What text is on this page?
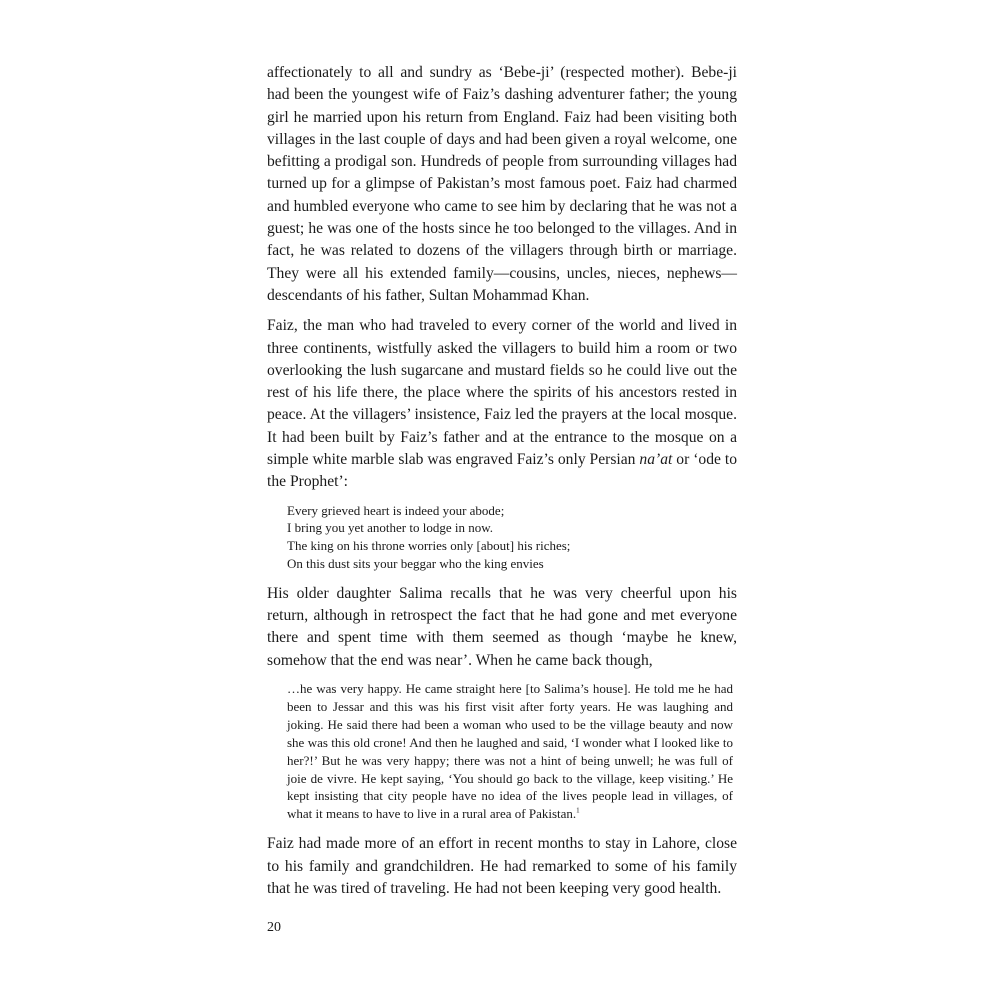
affectionately to all and sundry as ‘Bebe-ji’ (respected mother). Bebe-ji had been the youngest wife of Faiz’s dashing adventurer father; the young girl he married upon his return from England. Faiz had been visiting both villages in the last couple of days and had been given a royal welcome, one befitting a prodigal son. Hundreds of people from surrounding villages had turned up for a glimpse of Pakistan’s most famous poet. Faiz had charmed and humbled everyone who came to see him by declaring that he was not a guest; he was one of the hosts since he too belonged to the villages. And in fact, he was related to dozens of the villagers through birth or marriage. They were all his extended family—cousins, uncles, nieces, nephews— descendants of his father, Sultan Mohammad Khan.

Faiz, the man who had traveled to every corner of the world and lived in three continents, wistfully asked the villagers to build him a room or two overlooking the lush sugarcane and mustard fields so he could live out the rest of his life there, the place where the spirits of his ancestors rested in peace. At the villagers’ insistence, Faiz led the prayers at the local mosque. It had been built by Faiz’s father and at the entrance to the mosque on a simple white marble slab was engraved Faiz’s only Persian na’at or ‘ode to the Prophet’:

Every grieved heart is indeed your abode;
I bring you yet another to lodge in now.
The king on his throne worries only [about] his riches;
On this dust sits your beggar who the king envies

His older daughter Salima recalls that he was very cheerful upon his return, although in retrospect the fact that he had gone and met everyone there and spent time with them seemed as though ‘maybe he knew, somehow that the end was near’. When he came back though,

…he was very happy. He came straight here [to Salima’s house]. He told me he had been to Jessar and this was his first visit after forty years. He was laughing and joking. He said there had been a woman who used to be the village beauty and now she was this old crone! And then he laughed and said, ‘I wonder what I looked like to her?!’ But he was very happy; there was not a hint of being unwell; he was full of joie de vivre. He kept saying, ‘You should go back to the village, keep visiting.’ He kept insisting that city people have no idea of the lives people lead in villages, of what it means to have to live in a rural area of Pakistan.$^1$

Faiz had made more of an effort in recent months to stay in Lahore, close to his family and grandchildren. He had remarked to some of his family that he was tired of traveling. He had not been keeping very good health.

20
